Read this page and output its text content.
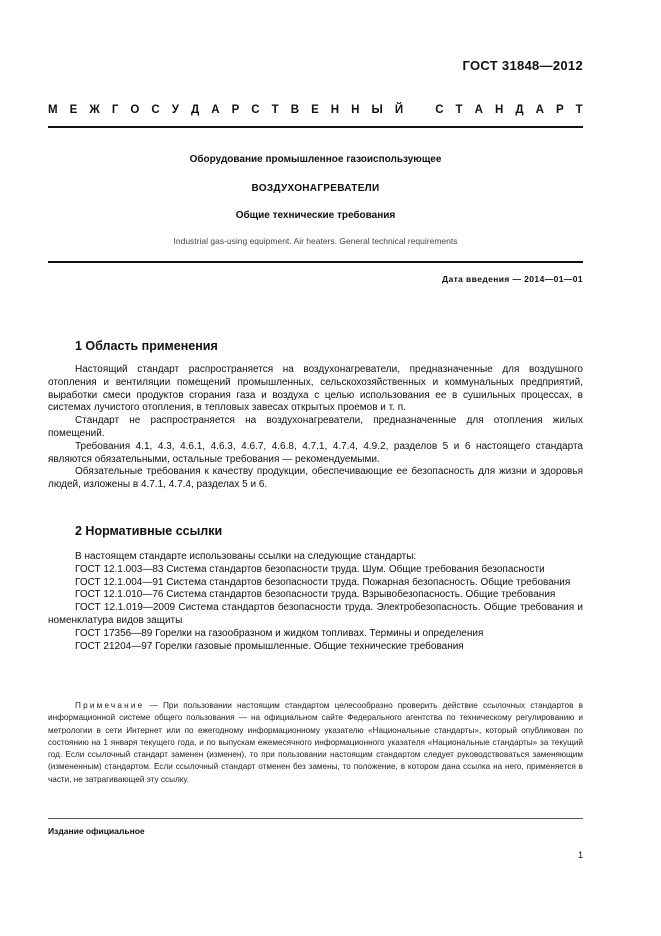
ГОСТ 31848—2012
М Е Ж Г О С У Д А Р С Т В Е Н Н Ы Й	С Т А Н Д А Р Т
Оборудование промышленное газоиспользующее
ВОЗДУХОНАГРЕВАТЕЛИ
Общие технические требования
Industrial gas-using equipment. Air heaters. General technical requirements
Дата введения — 2014—01—01
1 Область применения

Настоящий стандарт распространяется на воздухонагреватели, предназначенные для воздушного отопления и вентиляции помещений промышленных, сельскохозяйственных и коммунальных предприятий, выработки смеси продуктов сгорания газа и воздуха с целью использования ее в сушильных процессах, в системах лучистого отопления, в тепловых завесах открытых проемов и т. п.

Стандарт не распространяется на воздухонагреватели, предназначенные для отопления жилых помещений.

Требования 4.1, 4.3, 4.6.1, 4.6.3, 4.6.7, 4.6.8, 4.7.1, 4.7.4, 4.9.2, разделов 5 и 6 настоящего стандарта являются обязательными, остальные требования — рекомендуемыми.

Обязательные требования к качеству продукции, обеспечивающие ее безопасность для жизни и здоровья людей, изложены в 4.7.1, 4.7.4, разделах 5 и 6.

2 Нормативные ссылки

В настоящем стандарте использованы ссылки на следующие стандарты:

ГОСТ 12.1.003—83 Система стандартов безопасности труда. Шум. Общие требования безопасности

ГОСТ 12.1.004—91 Система стандартов безопасности труда. Пожарная безопасность. Общие требования

ГОСТ 12.1.010—76 Система стандартов безопасности труда. Взрывобезопасность. Общие требования

ГОСТ 12.1.019—2009 Система стандартов безопасности труда. Электробезопасность. Общие требования и номенклатура видов защиты

ГОСТ 17356—89 Горелки на газообразном и жидком топливах. Термины и определения

ГОСТ 21204—97 Горелки газовые промышленные. Общие технические требования

Примечание — При пользовании настоящим стандартом целесообразно проверить действие ссылочных стандартов в информационной системе общего пользования — на официальном сайте Федерального агентства по техническому регулированию и метрологии в сети Интернет или по ежегодному информационному указателю «Национальные стандарты», который опубликован по состоянию на 1 января текущего года, и по выпускам ежемесячного информационного указателя «Национальные стандарты» за текущий год. Если ссылочный стандарт заменен (изменен), то при пользовании настоящим стандартом следует руководствоваться заменяющим (измененным) стандартом. Если ссылочный стандарт отменен без замены, то положение, в котором дана ссылка на него, применяется в части, не затрагивающей эту ссылку.
Издание официальное
1
